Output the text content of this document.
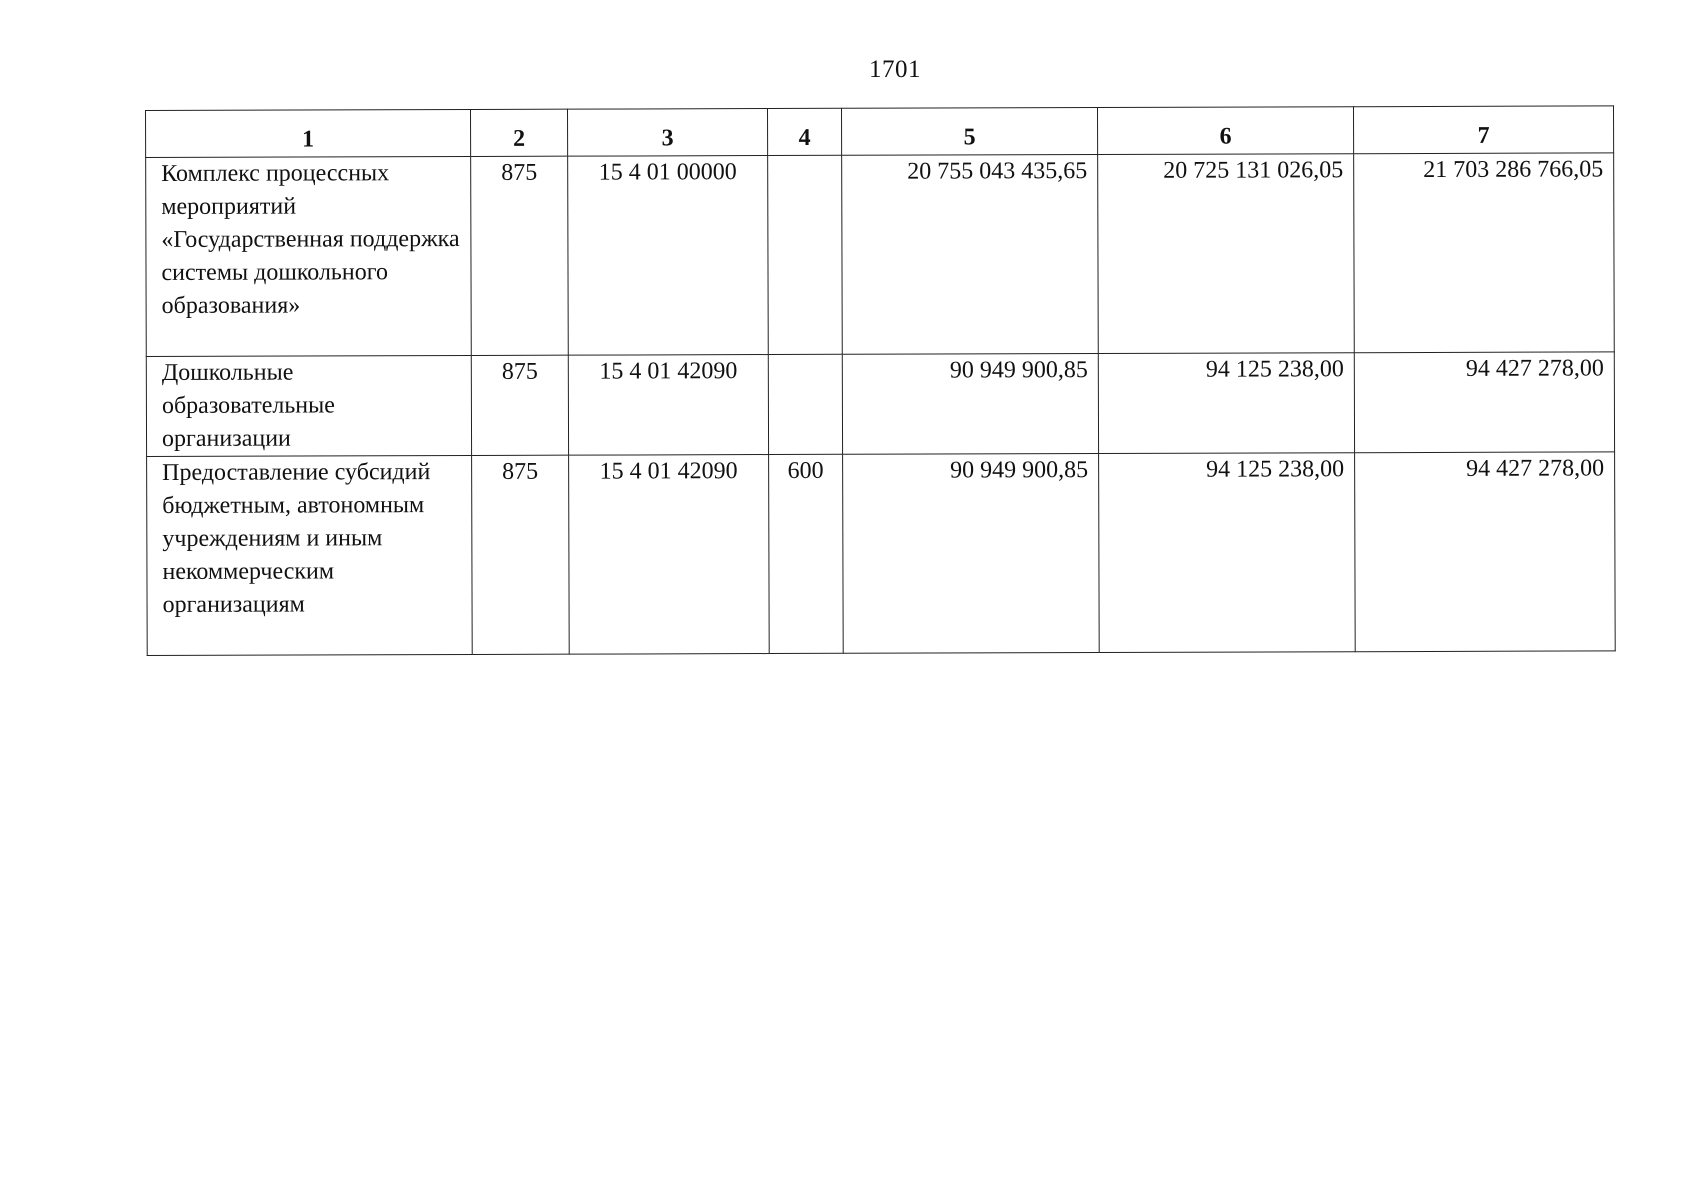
1701
1	2	3	4	5	6	7
Комплекс процессных мероприятий «Государственная поддержка системы дошкольного образования»	875	15 4 01 00000		20 755 043 435,65	20 725 131 026,05	21 703 286 766,05
Дошкольные образовательные организации	875	15 4 01 42090		90 949 900,85	94 125 238,00	94 427 278,00
Предоставление субсидий бюджетным, автономным учреждениям и иным некоммерческим организациям	875	15 4 01 42090	600	90 949 900,85	94 125 238,00	94 427 278,00
